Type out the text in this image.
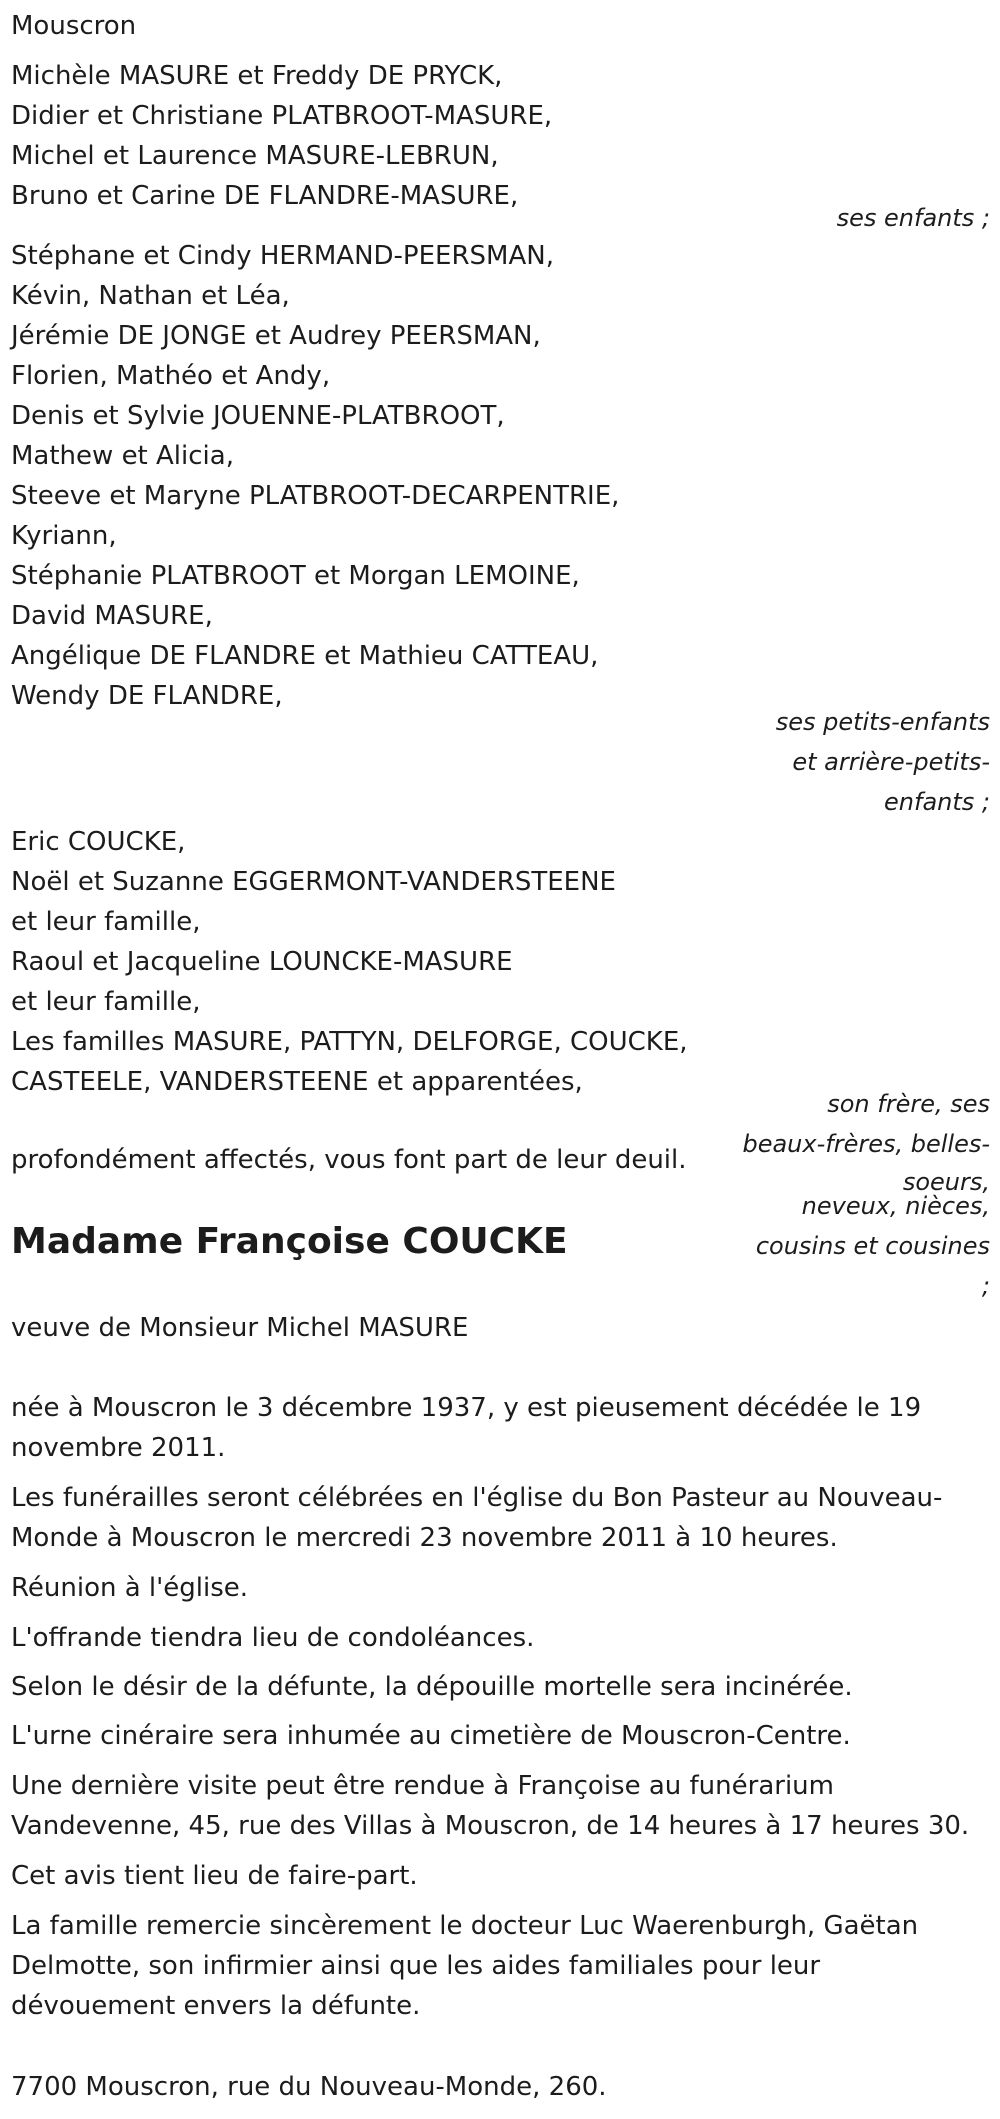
Mouscron
Michèle MASURE et Freddy DE PRYCK,
Didier et Christiane PLATBROOT-MASURE,
Michel et Laurence MASURE-LEBRUN,
Bruno et Carine DE FLANDRE-MASURE,
ses enfants ;
Stéphane et Cindy HERMAND-PEERSMAN,
Kévin, Nathan et Léa,
Jérémie DE JONGE et Audrey PEERSMAN,
Florien, Mathéo et Andy,
Denis et Sylvie JOUENNE-PLATBROOT,
Mathew et Alicia,
Steeve et Maryne PLATBROOT-DECARPENTRIE,
Kyriann,
Stéphanie PLATBROOT et Morgan LEMOINE,
David MASURE,
Angélique DE FLANDRE et Mathieu CATTEAU,
Wendy DE FLANDRE,
ses petits-enfants
et arrière-petits-
enfants ;
Eric COUCKE,
Noël et Suzanne EGGERMONT-VANDERSTEENE
et leur famille,
Raoul et Jacqueline LOUNCKE-MASURE
et leur famille,
Les familles MASURE, PATTYN, DELFORGE, COUCKE,
CASTEELE, VANDERSTEENE et apparentées,
son frère, ses
beaux-frères, belles-
soeurs,
neveux, nièces,
cousins et cousines
;
profondément affectés, vous font part de leur deuil.
Madame Françoise COUCKE
veuve de Monsieur Michel MASURE
née à Mouscron le 3 décembre 1937, y est pieusement décédée le 19 novembre 2011.
Les funérailles seront célébrées en l'église du Bon Pasteur au Nouveau-Monde à Mouscron le mercredi 23 novembre 2011 à 10 heures.
Réunion à l'église.
L'offrande tiendra lieu de condoléances.
Selon le désir de la défunte, la dépouille mortelle sera incinérée.
L'urne cinéraire sera inhumée au cimetière de Mouscron-Centre.
Une dernière visite peut être rendue à Françoise au funérarium Vandevenne, 45, rue des Villas à Mouscron, de 14 heures à 17 heures 30.
Cet avis tient lieu de faire-part.
La famille remercie sincèrement le docteur Luc Waerenburgh, Gaëtan Delmotte, son infirmier ainsi que les aides familiales pour leur dévouement envers la défunte.
7700 Mouscron, rue du Nouveau-Monde, 260.
